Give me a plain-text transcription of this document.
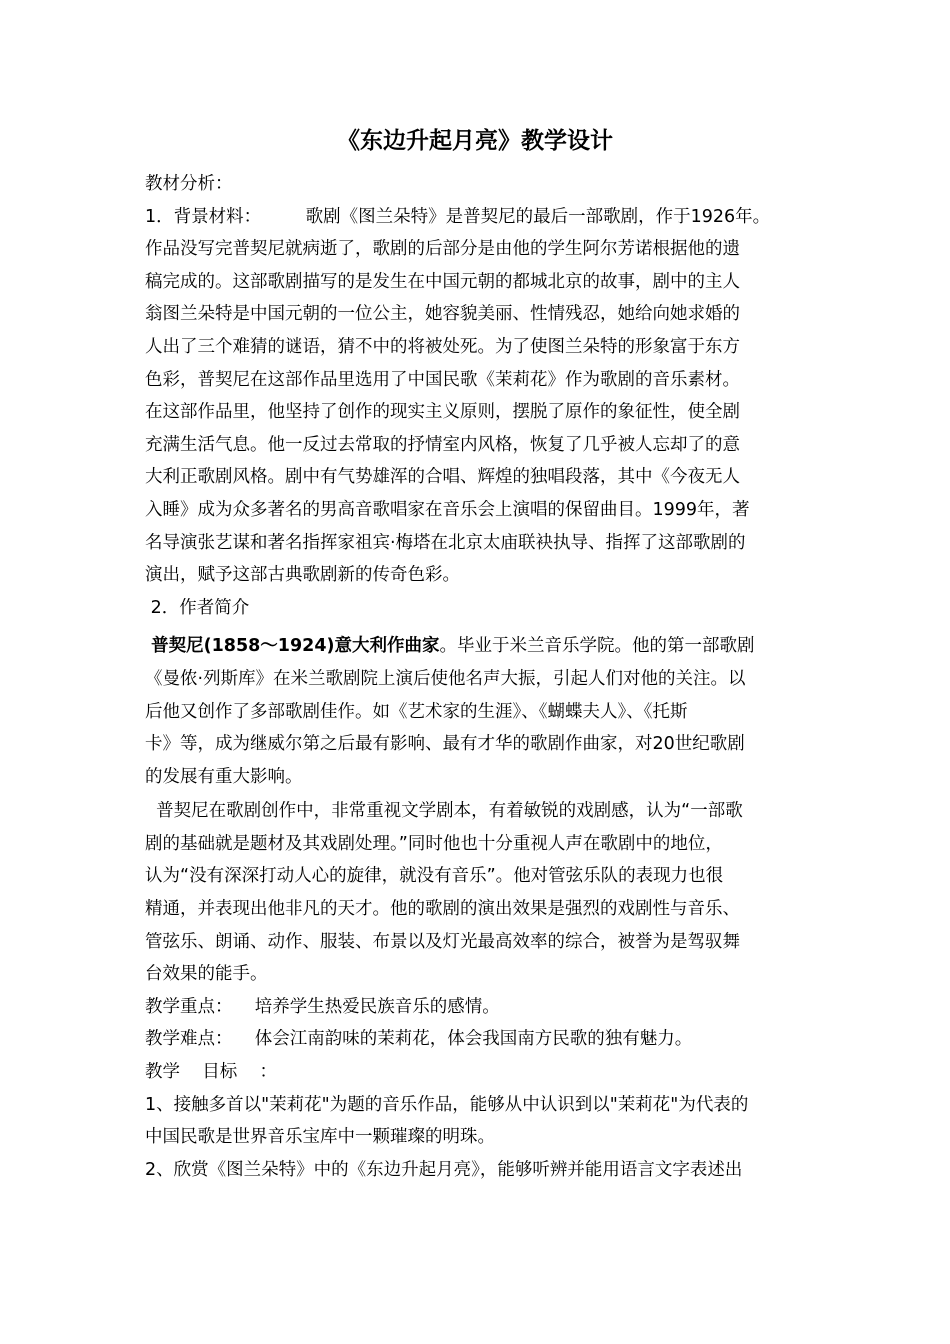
《东边升起月亮》教学设计
教材分析：
1．背景材料：        歌剧《图兰朵特》是普契尼的最后一部歌剧，作于1926年。
作品没写完普契尼就病逝了，歌剧的后部分是由他的学生阿尔芳诺根据他的遗
稿完成的。这部歌剧描写的是发生在中国元朝的都城北京的故事，剧中的主人
翁图兰朵特是中国元朝的一位公主，她容貌美丽、性情残忍，她给向她求婚的
人出了三个难猜的谜语，猜不中的将被处死。为了使图兰朵特的形象富于东方
色彩，普契尼在这部作品里选用了中国民歌《茉莉花》作为歌剧的音乐素材。
在这部作品里，他坚持了创作的现实主义原则，摆脱了原作的象征性，使全剧
充满生活气息。他一反过去常取的抒情室内风格，恢复了几乎被人忘却了的意
大利正歌剧风格。剧中有气势雄浑的合唱、辉煌的独唱段落，其中《今夜无人
入睡》成为众多著名的男高音歌唱家在音乐会上演唱的保留曲目。1999年，著
名导演张艺谋和著名指挥家祖宾·梅塔在北京太庙联袂执导、指挥了这部歌剧的
演出，赋予这部古典歌剧新的传奇色彩。
2．作者简介
普契尼(1858～1924)意大利作曲家。毕业于米兰音乐学院。他的第一部歌剧
《曼侬·列斯库》在米兰歌剧院上演后使他名声大振，引起人们对他的关注。以
后他又创作了多部歌剧佳作。如《艺术家的生涯》、《蝴蝶夫人》、《托斯
卡》等，成为继威尔第之后最有影响、最有才华的歌剧作曲家，对20世纪歌剧
的发展有重大影响。
普契尼在歌剧创作中，非常重视文学剧本，有着敏锐的戏剧感，认为“一部歌
剧的基础就是题材及其戏剧处理。”同时他也十分重视人声在歌剧中的地位，
认为“没有深深打动人心的旋律，就没有音乐”。他对管弦乐队的表现力也很
精通，并表现出他非凡的天才。他的歌剧的演出效果是强烈的戏剧性与音乐、
管弦乐、朗诵、动作、服装、布景以及灯光最高效率的综合，被誉为是驾驭舞
台效果的能手。
教学重点：    培养学生热爱民族音乐的感情。
教学难点：    体会江南韵味的茉莉花，体会我国南方民歌的独有魅力。
教学    目标    ：
1、接触多首以"茉莉花"为题的音乐作品，能够从中认识到以"茉莉花"为代表的
中国民歌是世界音乐宝库中一颗璀璨的明珠。
2、欣赏《图兰朵特》中的《东边升起月亮》，能够听辨并能用语言文字表述出
